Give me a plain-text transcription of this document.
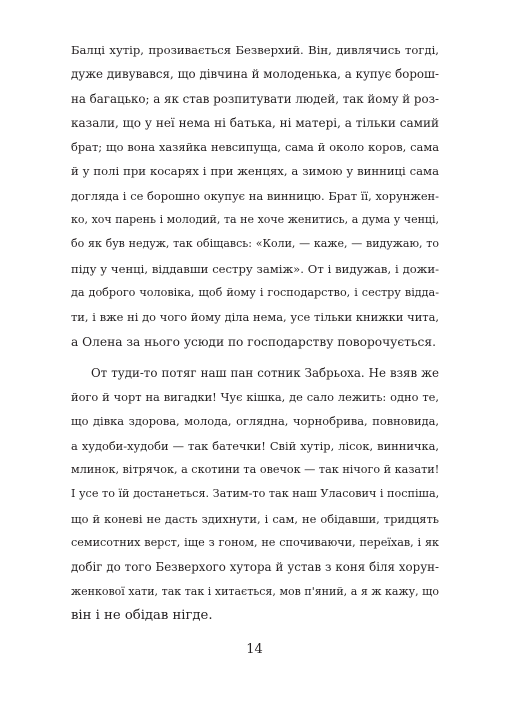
Балці хутір, прозивається Безверхий. Він, дивлячись тогді,
дуже дивувався, що дівчина й молоденька, а купує борош-
на багацько; а як став розпитувати людей, так йому й роз-
казали, що у неї нема ні батька, ні матері, а тільки самий
брат; що вона хазяйка невсипуща, сама й около коров, сама
й у полі при косарях і при женцях, а зимою у винниці сама
догляда і се борошно окупує на винницю. Брат її, хорунжен-
ко, хоч парень і молодий, та не хоче женитись, а дума у ченці,
бо як був недуж, так обіщавсь: «Коли, — каже, — видужаю, то
піду у ченці, віддавши сестру заміж». От і видужав, і дожи-
да доброго чоловіка, щоб йому і господарство, і сестру відда-
ти, і вже ні до чого йому діла нема, усе тільки книжки чита,
а Олена за нього усюди по господарству поворочується.
От туди-то потяг наш пан сотник Забрьоха. Не взяв же
його й чорт на вигадки! Чує кішка, де сало лежить: одно те,
що дівка здорова, молода, оглядна, чорнобрива, повновида,
а худоби-худоби — так батечки! Свій хутір, лісок, винничка,
млинок, вітрячок, а скотини та овечок — так нічого й казати!
І усе то їй достанеться. Затим-то так наш Уласович і поспіша,
що й коневі не дасть здихнути, і сам, не обідавши, тридцять
семисотних верст, іще з гоном, не спочиваючи, переїхав, і як
добіг до того Безверхого хутора й устав з коня біля хорун-
женкової хати, так так і хитається, мов п'яний, а я ж кажу, що
він і не обідав нігде.
14
